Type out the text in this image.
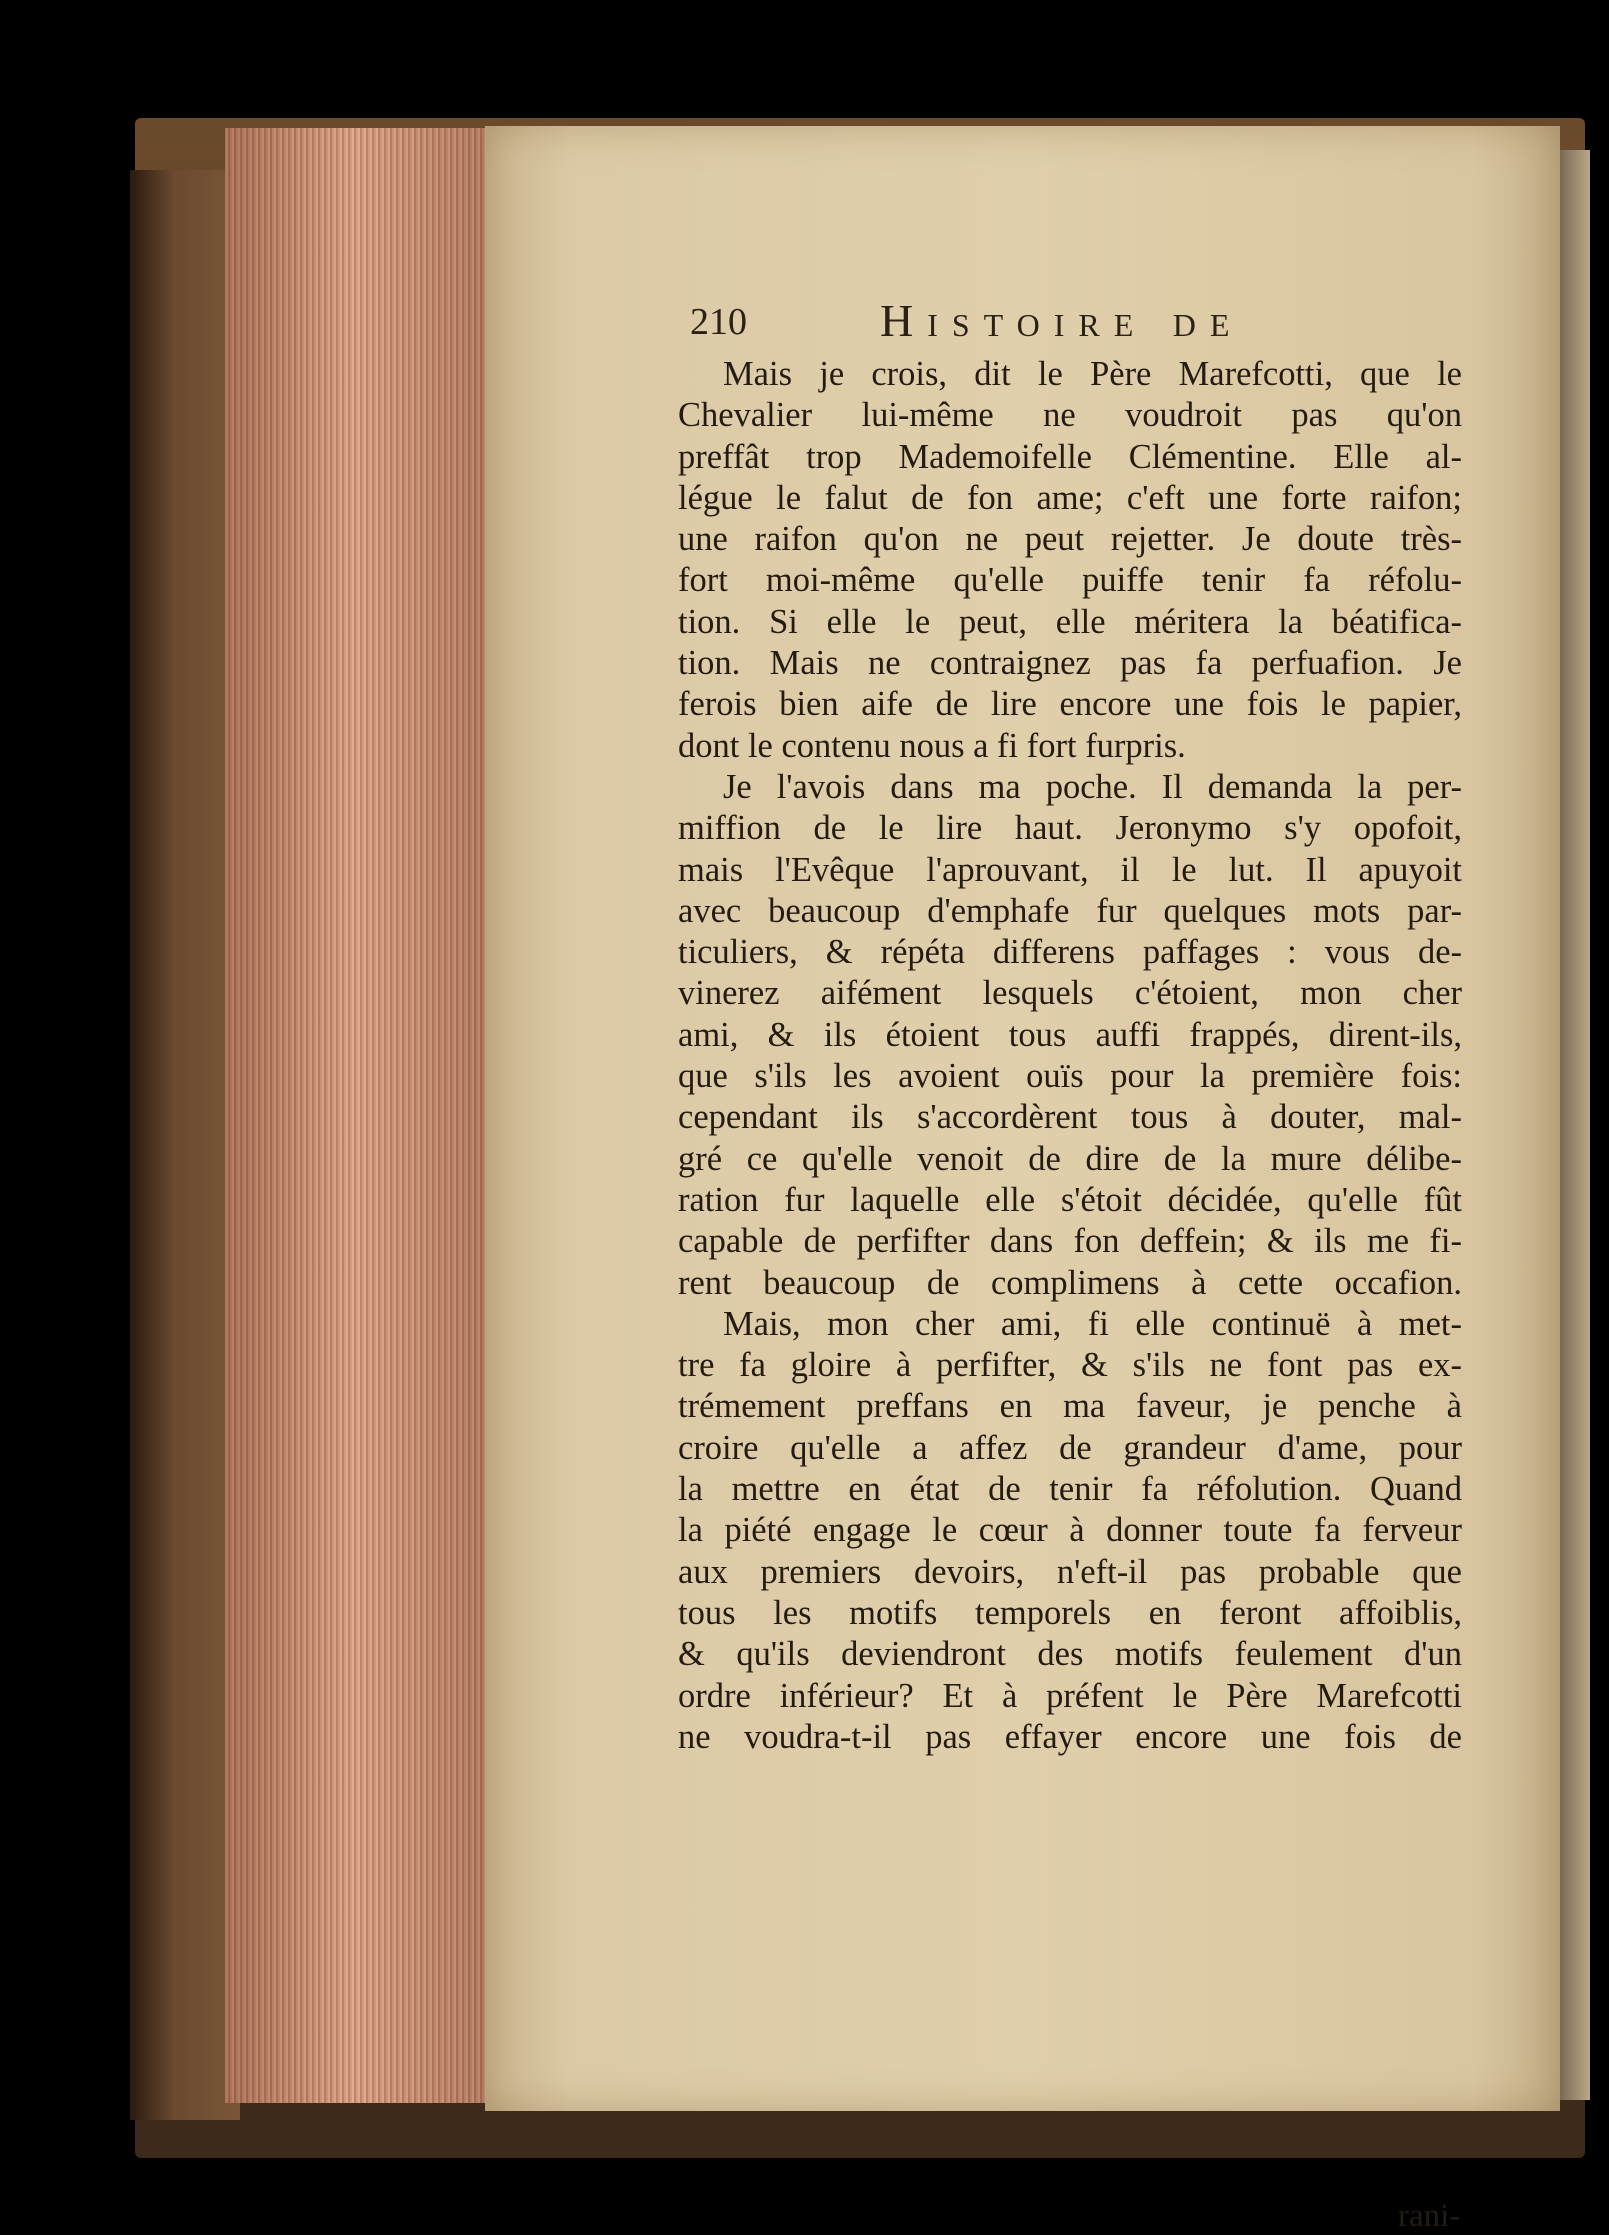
210	Histoire de
Mais je crois, dit le Père Marefcotti, que le
Chevalier lui-même ne voudroit pas qu'on
preffât trop Mademoifelle Clémentine. Elle al-
légue le falut de fon ame; c'eft une forte raifon;
une raifon qu'on ne peut rejetter. Je doute très-
fort moi-même qu'elle puiffe tenir fa réfolu-
tion. Si elle le peut, elle méritera la béatifica-
tion. Mais ne contraignez pas fa perfuafion. Je
ferois bien aife de lire encore une fois le papier,
dont le contenu nous a fi fort furpris.
Je l'avois dans ma poche. Il demanda la per-
miffion de le lire haut. Jeronymo s'y opofoit,
mais l'Evêque l'aprouvant, il le lut. Il apuyoit
avec beaucoup d'emphafe fur quelques mots par-
ticuliers, & répéta differens paffages : vous de-
vinerez aifément lesquels c'étoient, mon cher
ami, & ils étoient tous auffi frappés, dirent-ils,
que s'ils les avoient ouïs pour la première fois:
cependant ils s'accordèrent tous à douter, mal-
gré ce qu'elle venoit de dire de la mure délibe-
ration fur laquelle elle s'étoit décidée, qu'elle fût
capable de perfifter dans fon deffein; & ils me fi-
rent beaucoup de complimens à cette occafion.
Mais, mon cher ami, fi elle continuë à met-
tre fa gloire à perfifter, & s'ils ne font pas ex-
trémement preffans en ma faveur, je penche à
croire qu'elle a affez de grandeur d'ame, pour
la mettre en état de tenir fa réfolution. Quand
la piété engage le cœur à donner toute fa ferveur
aux premiers devoirs, n'eft-il pas probable que
tous les motifs temporels en feront affoiblis,
& qu'ils deviendront des motifs feulement d'un
ordre inférieur? Et à préfent le Père Marefcotti
ne voudra-t-il pas effayer encore une fois de
rani-
